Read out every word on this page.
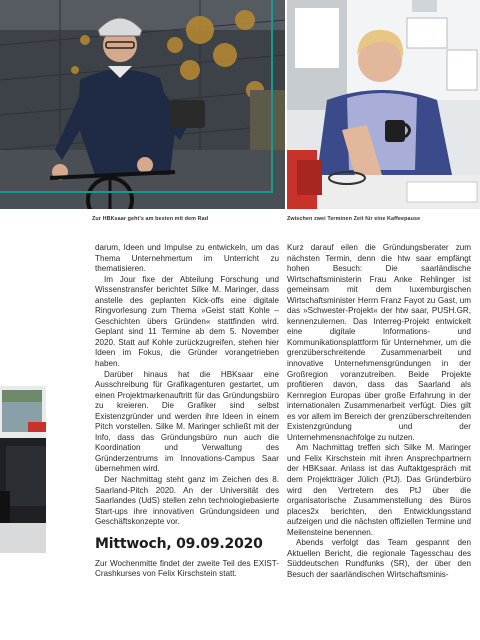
Zur HBKsaar geht’s am besten mit dem Rad	Zwischen zwei Terminen Zeit für eine Kaffeepause

darum, Ideen und Impulse zu entwickeln, um das Thema Unternehmertum im Unterricht zu thematisieren.

Im Jour fixe der Abteilung Forschung und Wissenstransfer berichtet Silke M. Maringer, dass anstelle des geplanten Kick-offs eine digitale Ringvorlesung zum Thema »Geist statt Kohle – Geschichten übers Gründen« stattfinden wird. Geplant sind 11 Termine ab dem 5. November 2020. Statt auf Kohle zurückzugreifen, stehen hier Ideen im Fokus, die Gründer vorangetrieben haben.

Darüber hinaus hat die HBKsaar eine Ausschreibung für Grafikagenturen gestartet, um einen Projektmarkenauftritt für das Gründungsbüro zu kreieren. Die Grafiker sind selbst Existenzgründer und werden ihre Ideen in einem Pitch vorstellen. Silke M. Maringer schließt mit der Info, dass das Gründungsbüro nun auch die Koordination und Verwaltung des Gründerzentrums im Innovations-Campus Saar übernehmen wird.

Der Nachmittag steht ganz im Zeichen des 8. Saarland-Pitch 2020. An der Universität des Saarlandes (UdS) stellen zehn technologiebasierte Start-ups ihre innovativen Gründungsideen und Geschäftskonzepte vor.

Mittwoch, 09.09.2020

Zur Wochenmitte findet der zweite Teil des EXIST-Crashkurses von Felix Kirschstein statt.

Kurz darauf eilen die Gründungsberater zum nächsten Termin, denn die htw saar empfängt hohen Besuch: Die saarländische Wirtschaftsministerin Frau Anke Rehlinger ist gemeinsam mit dem luxemburgischen Wirtschaftsminister Herrn Franz Fayot zu Gast, um das »Schwester-Projekt« der htw saar, PUSH.GR, kennenzulernen. Das Interreg-Projekt entwickelt eine digitale Informations- und Kommunikationsplattform für Unternehmer, um die grenzüberschreitende Zusammenarbeit und innovative Unternehmensgründungen in der Großregion voranzutreiben. Beide Projekte profitieren davon, dass das Saarland als Kernregion Europas über große Erfahrung in der internationalen Zusammenarbeit verfügt. Dies gilt es vor allem im Bereich der grenzüberschreitenden Existenzgründung und der Unternehmensnachfolge zu nutzen.

Am Nachmittag treffen sich Silke M. Maringer und Felix Kirschstein mit ihren Ansprechpartnern der HBKsaar. Anlass ist das Auftaktgespräch mit dem Projektträger Jülich (PtJ). Das Gründerbüro wird den Vertretern des PtJ über die organisatorische Zusammenstellung des Büros places2x berichten, den Entwicklungsstand aufzeigen und die nächsten offiziellen Termine und Meilensteine benennen.

Abends verfolgt das Team gespannt den Aktuellen Bericht, die regionale Tagesschau des Süddeutschen Rundfunks (SR), der über den Besuch der saarländischen Wirtschaftsminis-
